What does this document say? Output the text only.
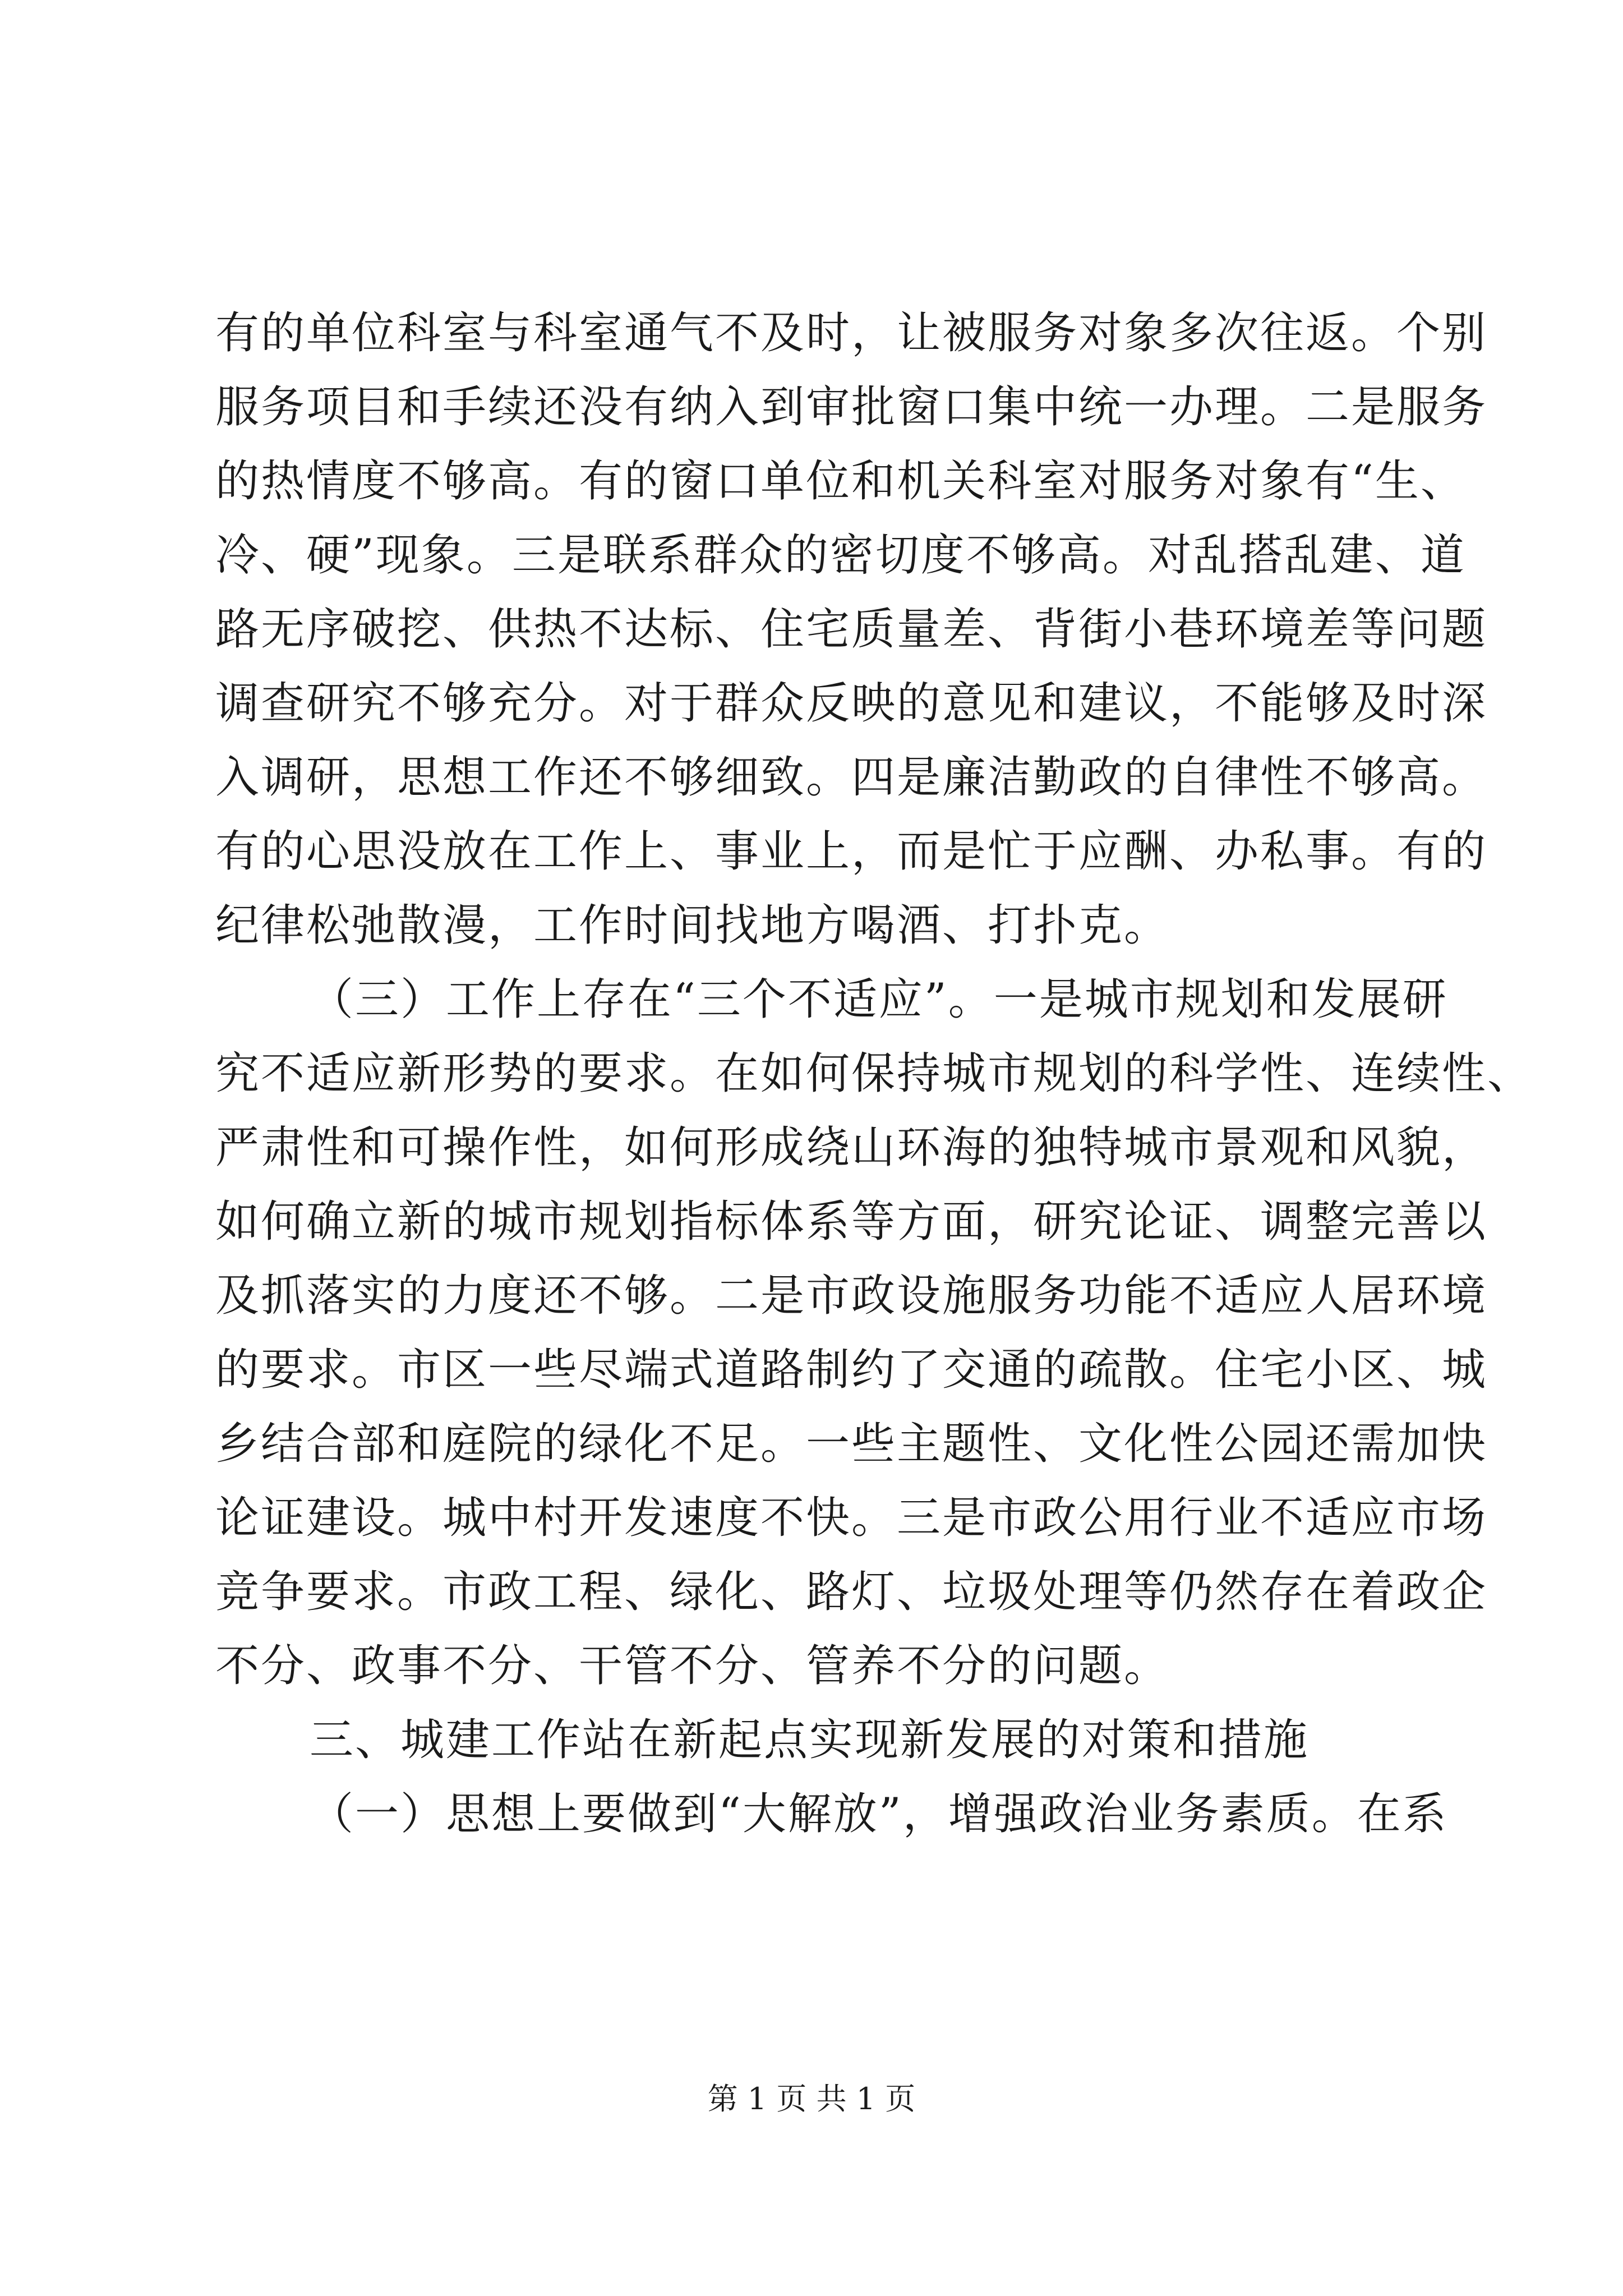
有的单位科室与科室通气不及时，让被服务对象多次往返。个别
服务项目和手续还没有纳入到审批窗口集中统一办理。二是服务
的热情度不够高。有的窗口单位和机关科室对服务对象有“生、
冷、硬”现象。三是联系群众的密切度不够高。对乱搭乱建、道
路无序破挖、供热不达标、住宅质量差、背街小巷环境差等问题
调查研究不够充分。对于群众反映的意见和建议，不能够及时深
入调研，思想工作还不够细致。四是廉洁勤政的自律性不够高。
有的心思没放在工作上、事业上，而是忙于应酬、办私事。有的
纪律松弛散漫，工作时间找地方喝酒、打扑克。
（三）工作上存在“三个不适应”。一是城市规划和发展研
究不适应新形势的要求。在如何保持城市规划的科学性、连续性、
严肃性和可操作性，如何形成绕山环海的独特城市景观和风貌，
如何确立新的城市规划指标体系等方面，研究论证、调整完善以
及抓落实的力度还不够。二是市政设施服务功能不适应人居环境
的要求。市区一些尽端式道路制约了交通的疏散。住宅小区、城
乡结合部和庭院的绿化不足。一些主题性、文化性公园还需加快
论证建设。城中村开发速度不快。三是市政公用行业不适应市场
竞争要求。市政工程、绿化、路灯、垃圾处理等仍然存在着政企
不分、政事不分、干管不分、管养不分的问题。
三、城建工作站在新起点实现新发展的对策和措施
（一）思想上要做到“大解放”，增强政治业务素质。在系
第 1 页 共 1 页
